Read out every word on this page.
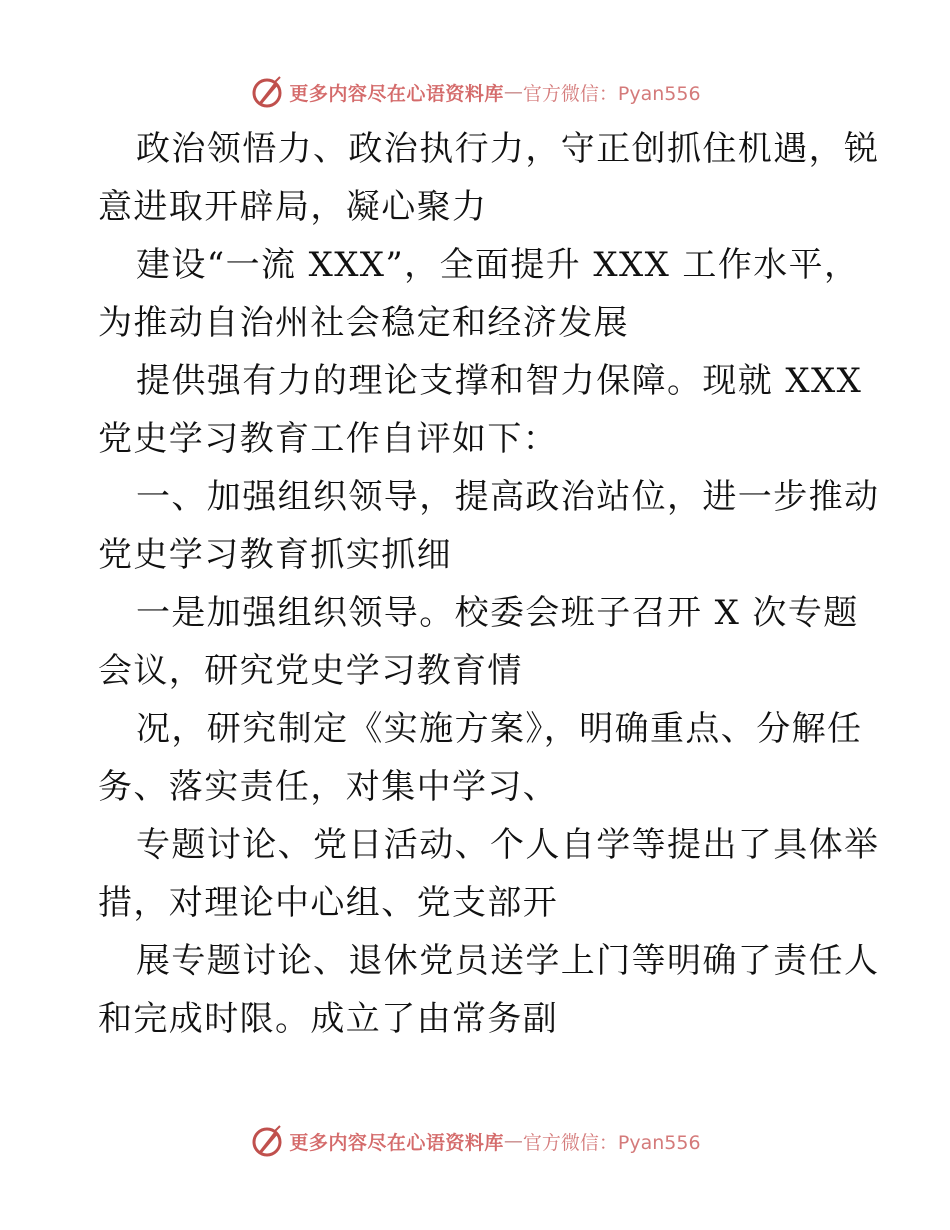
更多内容尽在心语资料库 — 官方微信：Pyan556

政治领悟力、政治执行力，守正创抓住机遇，锐
意进取开辟局，凝心聚力

建设“一流 XXX”，全面提升 XXX 工作水平，
为推动自治州社会稳定和经济发展

提供强有力的理论支撑和智力保障。现就 XXX
党史学习教育工作自评如下：

一、加强组织领导，提高政治站位，进一步推动
党史学习教育抓实抓细

一是加强组织领导。校委会班子召开 X 次专题
会议，研究党史学习教育情

况，研究制定《实施方案》，明确重点、分解任
务、落实责任，对集中学习、

专题讨论、党日活动、个人自学等提出了具体举
措，对理论中心组、党支部开

展专题讨论、退休党员送学上门等明确了责任人
和完成时限。成立了由常务副

更多内容尽在心语资料库 — 官方微信：Pyan556
